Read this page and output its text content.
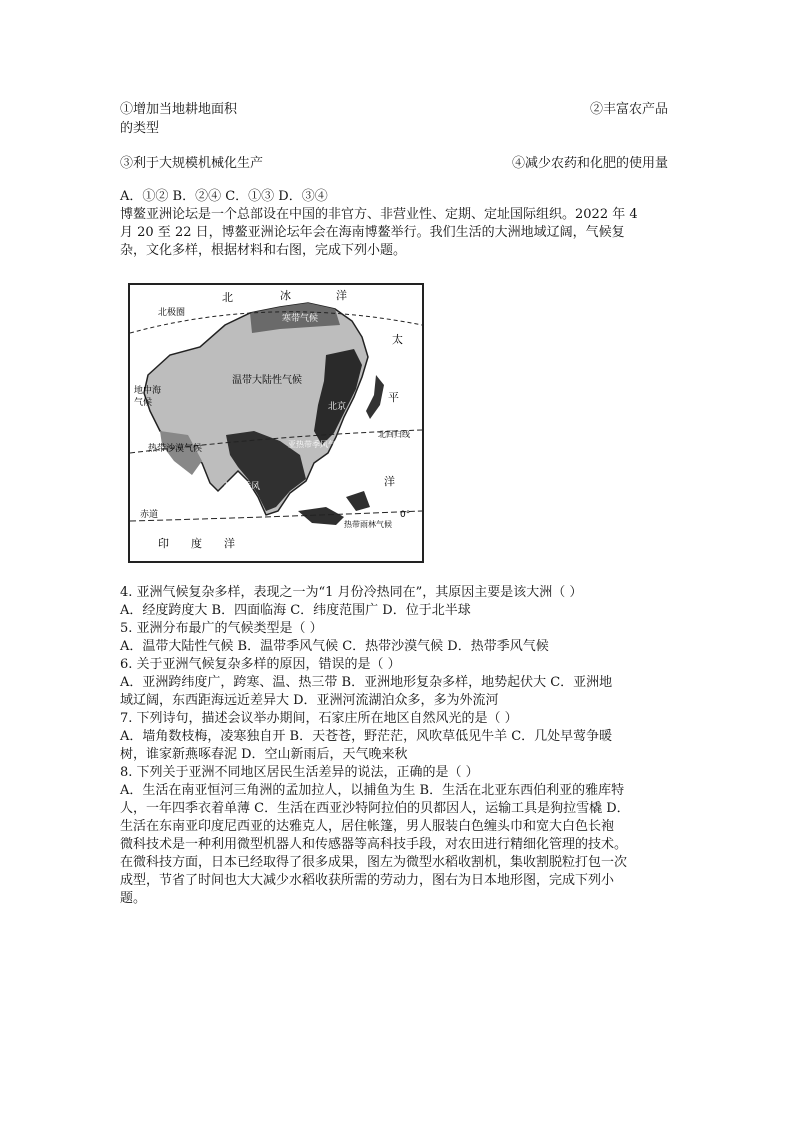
①增加当地耕地面积	②丰富农产品
的类型
③利于大规模机械化生产	④减少农药和化肥的使用量
A．①② B．②④ C．①③ D．③④
博鳌亚洲论坛是一个总部设在中国的非官方、非营业性、定期、定址国际组织。2022 年 4
月 20 至 22 日，博鳌亚洲论坛年会在海南博鳌举行。我们生活的大洲地域辽阔，气候复
杂，文化多样，根据材料和右图，完成下列小题。
北	冰	洋
北极圈
寒带气候
太
平
洋
温带大陆性气候
地中海
气候	北京
北回归线
热带沙漠气候	亚热带季风气候
热带季风
赤道
热带雨林气候
0°
印　　度　　洋
4. 亚洲气候复杂多样，表现之一为“1 月份冷热同在”，其原因主要是该大洲（ ）
A．经度跨度大 B．四面临海 C．纬度范围广 D．位于北半球
5. 亚洲分布最广的气候类型是（ ）
A．温带大陆性气候 B．温带季风气候 C．热带沙漠气候 D．热带季风气候
6. 关于亚洲气候复杂多样的原因，错误的是（ ）
A．亚洲跨纬度广，跨寒、温、热三带 B．亚洲地形复杂多样，地势起伏大 C．亚洲地
域辽阔，东西距海远近差异大 D．亚洲河流湖泊众多，多为外流河
7. 下列诗句，描述会议举办期间，石家庄所在地区自然风光的是（ ）
A．墙角数枝梅，凌寒独自开 B．天苍苍，野茫茫，风吹草低见牛羊 C．几处早莺争暖
树，谁家新燕啄春泥 D．空山新雨后，天气晚来秋
8. 下列关于亚洲不同地区居民生活差异的说法，正确的是（ ）
A．生活在南亚恒河三角洲的孟加拉人，以捕鱼为生 B．生活在北亚东西伯利亚的雅库特
人，一年四季衣着单薄 C．生活在西亚沙特阿拉伯的贝都因人，运输工具是狗拉雪橇 D．
生活在东南亚印度尼西亚的达雅克人，居住帐篷，男人服装白色缠头巾和宽大白色长袍
微科技术是一种利用微型机器人和传感器等高科技手段，对农田进行精细化管理的技术。
在微科技方面，日本已经取得了很多成果，图左为微型水稻收割机，集收割脱粒打包一次
成型，节省了时间也大大减少水稻收获所需的劳动力，图右为日本地形图，完成下列小
题。
